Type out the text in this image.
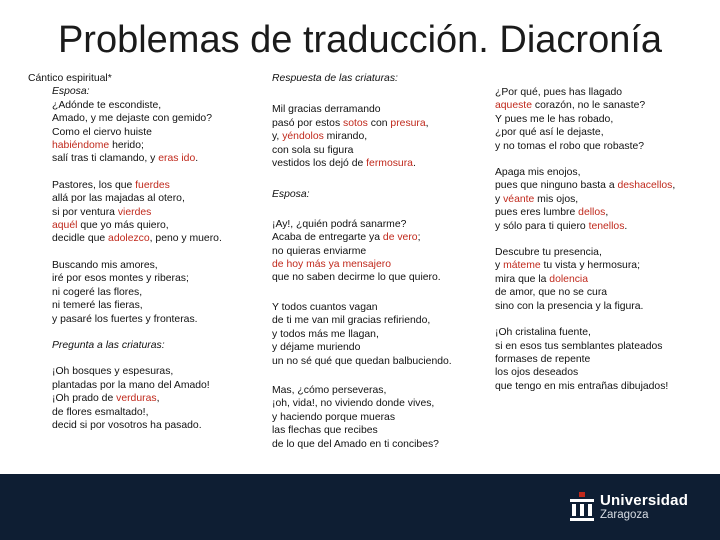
Problemas de traducción. Diacronía
Cántico espiritual*
Esposa:
¿Adónde te escondiste,
Amado, y me dejaste con gemido?
Como el ciervo huiste
habiéndome herido;
salí tras ti clamando, y eras ido.
Pastores, los que fuerdes
allá por las majadas al otero,
si por ventura vierdes
aquél que yo más quiero,
decidle que adolezco, peno y muero.
Buscando mis amores,
iré por esos montes y riberas;
ni cogeré las flores,
ni temeré las fieras,
y pasaré los fuertes y fronteras.
Pregunta a las criaturas:
¡Oh bosques y espesuras,
plantadas por la mano del Amado!
¡Oh prado de verduras,
de flores esmaltado!,
decid si por vosotros ha pasado.
Respuesta de las criaturas:
Mil gracias derramando
pasó por estos sotos con presura,
y, yéndolos mirando,
con sola su figura
vestidos los dejó de fermosura.
Esposa:
¡Ay!, ¿quién podrá sanarme?
Acaba de entregarte ya de vero;
no quieras enviarme
de hoy más ya mensajero
que no saben decirme lo que quiero.
Y todos cuantos vagan
de ti me van mil gracias refiriendo,
y todos más me llagan,
y déjame muriendo
un no sé qué que quedan balbuciendo.
Mas, ¿cómo perseveras,
¡oh, vida!, no viviendo donde vives,
y haciendo porque mueras
las flechas que recibes
de lo que del Amado en ti concibes?
¿Por qué, pues has llagado
aqueste corazón, no le sanaste?
Y pues me le has robado,
¿por qué así le dejaste,
y no tomas el robo que robaste?
Apaga mis enojos,
pues que ninguno basta a deshacellos,
y véante mis ojos,
pues eres lumbre dellos,
y sólo para ti quiero tenellos.
Descubre tu presencia,
y máteme tu vista y hermosura;
mira que la dolencia
de amor, que no se cura
sino con la presencia y la figura.
¡Oh cristalina fuente,
si en esos tus semblantes plateados
formases de repente
los ojos deseados
que tengo en mis entrañas dibujados!
Universidad
Zaragoza
